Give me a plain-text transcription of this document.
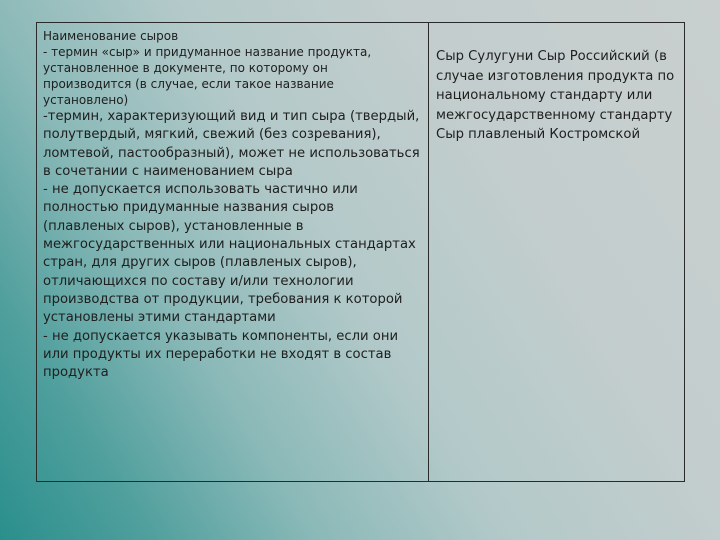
Наименование сыров

- термин «сыр» и придуманное название продукта,
установленное в документе, по которому он
производится (в случае, если такое название
установлено)

-термин, характеризующий вид и тип сыра (твердый,
полутвердый, мягкий, свежий (без созревания),
ломтевой, пастообразный), может не использоваться
в сочетании с наименованием сыра

- не допускается использовать частично или
полностью придуманные названия сыров
(плавленых сыров), установленные в
межгосударственных или национальных стандартах
стран, для других сыров (плавленых сыров),
отличающихся по составу и/или технологии
производства от продукции, требования к которой
установлены этими стандартами

- не допускается указывать компоненты, если они
или продукты их переработки не входят в состав
продукта

Сыр Сулугуни Сыр Российский (в
случае изготовления продукта по
национальному стандарту или
межгосударственному стандарту
Сыр плавленый Костромской
